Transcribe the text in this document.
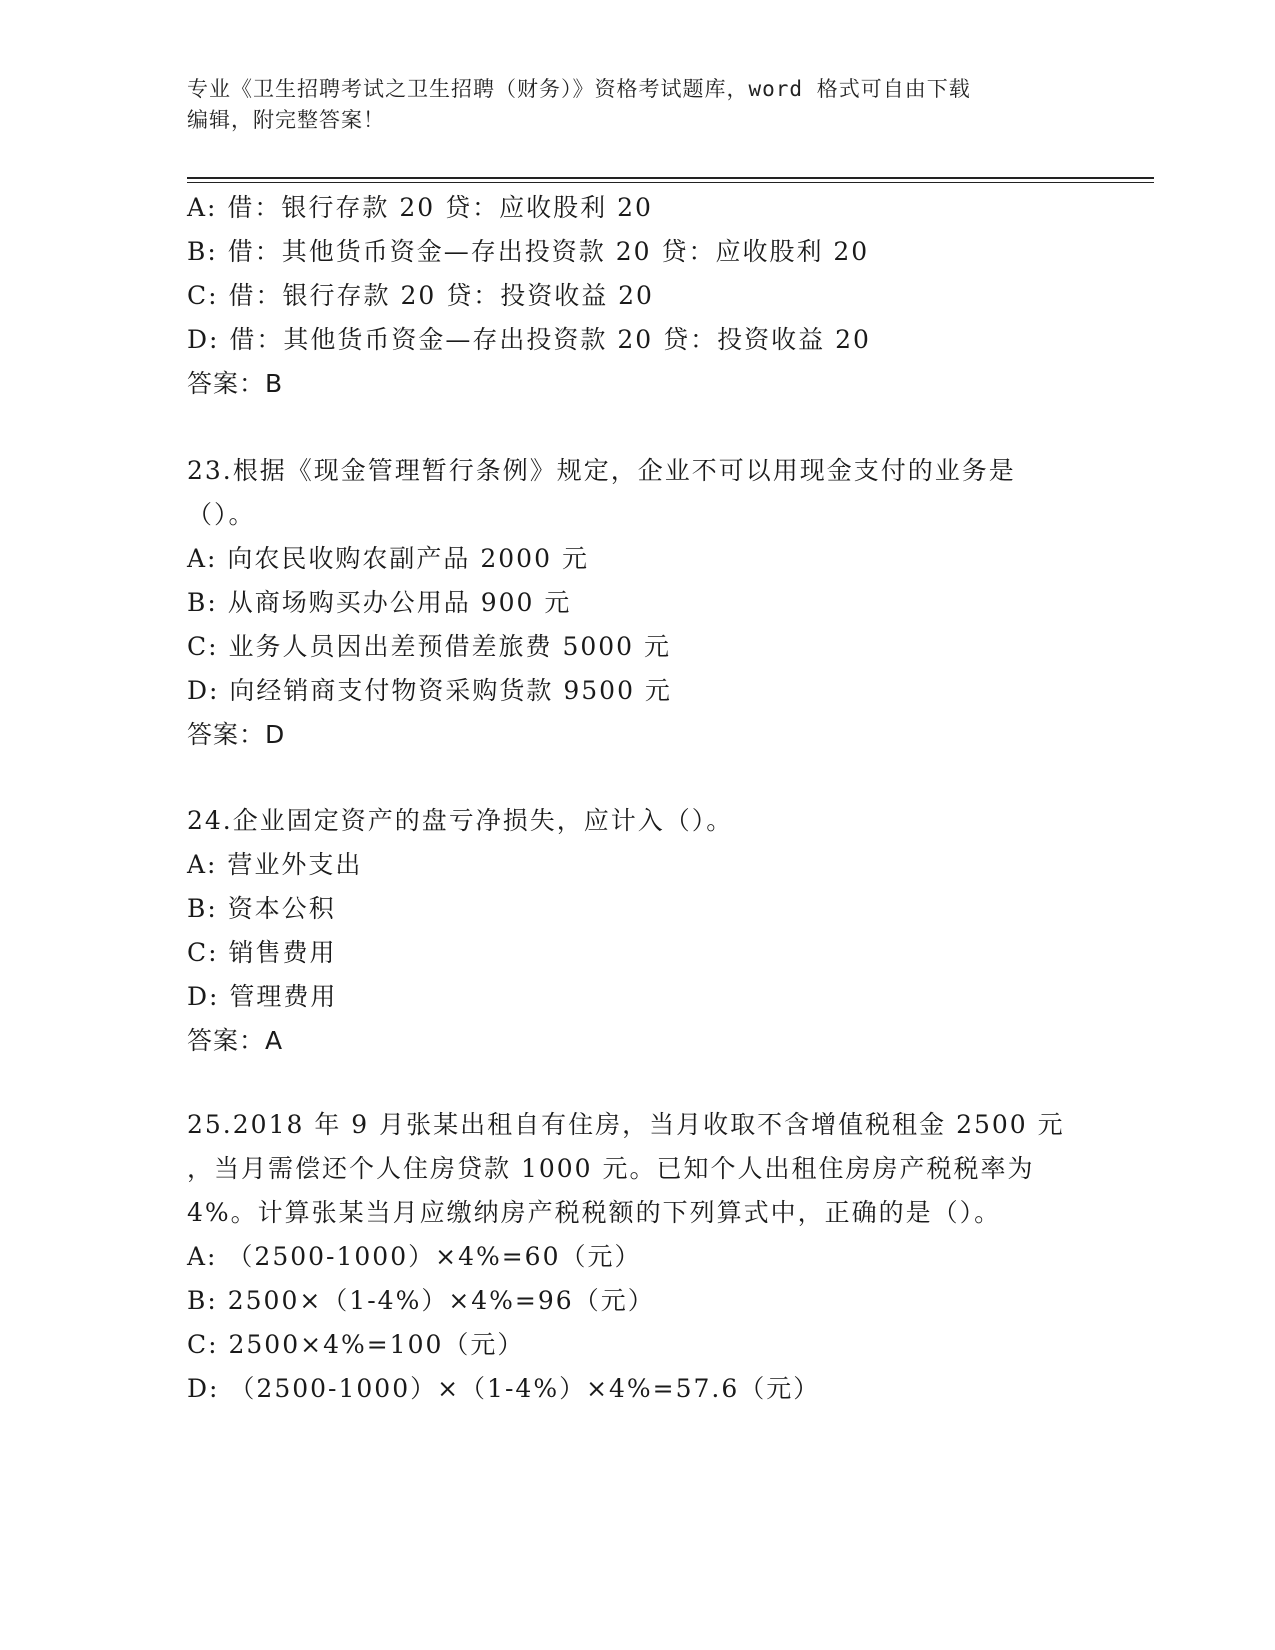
专业《卫生招聘考试之卫生招聘（财务）》资格考试题库，word 格式可自由下载
编辑，附完整答案！
A: 借：银行存款 20 贷：应收股利 20
B: 借：其他货币资金—存出投资款 20 贷：应收股利 20
C: 借：银行存款 20 贷：投资收益 20
D: 借：其他货币资金—存出投资款 20 贷：投资收益 20
答案：B
23.根据《现金管理暂行条例》规定，企业不可以用现金支付的业务是
（）。
A: 向农民收购农副产品 2000 元
B: 从商场购买办公用品 900 元
C: 业务人员因出差预借差旅费 5000 元
D: 向经销商支付物资采购货款 9500 元
答案：D
24.企业固定资产的盘亏净损失，应计入（）。
A: 营业外支出
B: 资本公积
C: 销售费用
D: 管理费用
答案：A
25.2018 年 9 月张某出租自有住房，当月收取不含增值税租金 2500 元
，当月需偿还个人住房贷款 1000 元。已知个人出租住房房产税税率为
4%。计算张某当月应缴纳房产税税额的下列算式中，正确的是（）。
A: （2500-1000）×4%=60（元）
B: 2500×（1-4%）×4%=96（元）
C: 2500×4%=100（元）
D: （2500-1000）×（1-4%）×4%=57.6（元）
